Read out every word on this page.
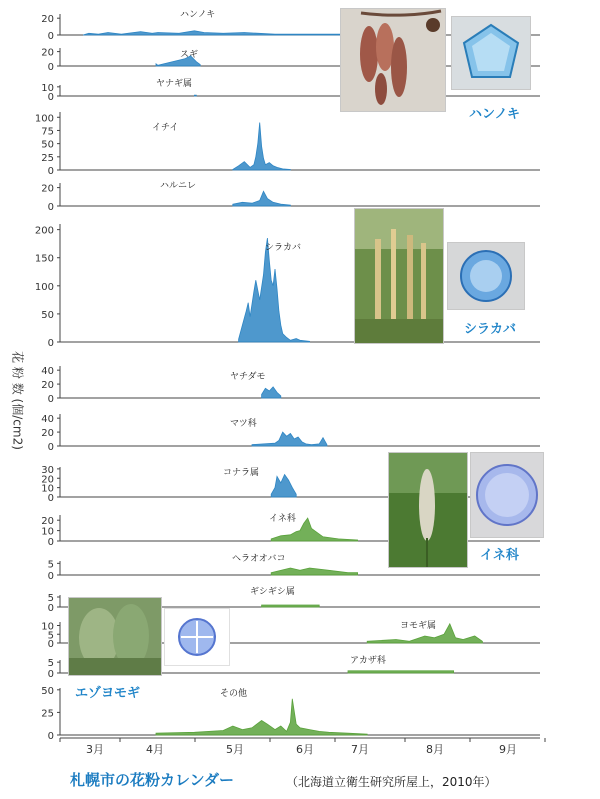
花 粉 数 (個/cm2)
0
20	ハンノキ
0
20	スギ
0
10	ヤナギ属
0
25
50
75
100
イチイ
0
20	ハルニレ
0
50
100
150
200
シラカバ
0
20
40	ヤチダモ
0
20
40	マツ科
0
10
20
30	コナラ属
0
10
20	イネ科
0
5
ヘラオオバコ
0
5
ギシギシ属
0
5
10	ヨモギ属
0
5	アカザ科
0
25
50	その他
3月	4月	5月	6月	7月	8月	9月
ハンノキ
シラカバ
イネ科
エゾヨモギ
札幌市の花粉カレンダー	（北海道立衛生研究所屋上，2010年）
